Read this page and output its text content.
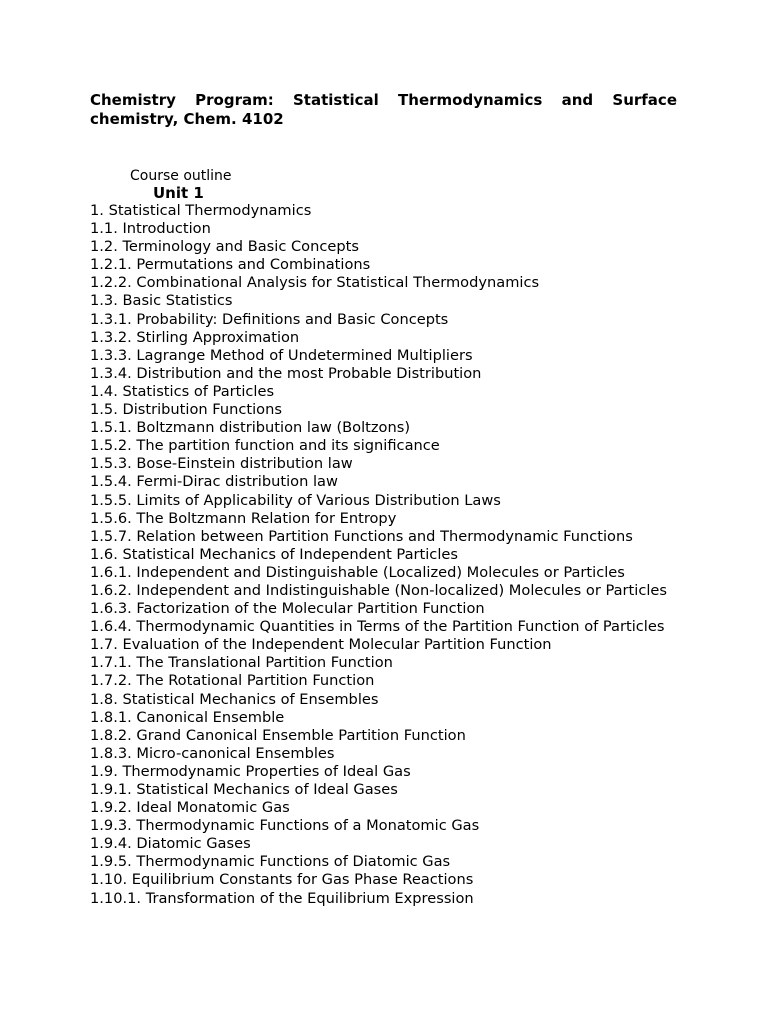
Chemistry Program: Statistical Thermodynamics and Surface
chemistry, Chem. 4102
Course outline
Unit 1
1. Statistical Thermodynamics
1.1. Introduction
1.2. Terminology and Basic Concepts
1.2.1. Permutations and Combinations
1.2.2. Combinational Analysis for Statistical Thermodynamics
1.3. Basic Statistics
1.3.1. Probability: Definitions and Basic Concepts
1.3.2. Stirling Approximation
1.3.3. Lagrange Method of Undetermined Multipliers
1.3.4. Distribution and the most Probable Distribution
1.4. Statistics of Particles
1.5. Distribution Functions
1.5.1. Boltzmann distribution law (Boltzons)
1.5.2. The partition function and its significance
1.5.3. Bose-Einstein distribution law
1.5.4. Fermi-Dirac distribution law
1.5.5. Limits of Applicability of Various Distribution Laws
1.5.6. The Boltzmann Relation for Entropy
1.5.7. Relation between Partition Functions and Thermodynamic Functions
1.6. Statistical Mechanics of Independent Particles
1.6.1. Independent and Distinguishable (Localized) Molecules or Particles
1.6.2. Independent and Indistinguishable (Non-localized) Molecules or Particles
1.6.3. Factorization of the Molecular Partition Function
1.6.4. Thermodynamic Quantities in Terms of the Partition Function of Particles
1.7. Evaluation of the Independent Molecular Partition Function
1.7.1. The Translational Partition Function
1.7.2. The Rotational Partition Function
1.8. Statistical Mechanics of Ensembles
1.8.1. Canonical Ensemble
1.8.2. Grand Canonical Ensemble Partition Function
1.8.3. Micro-canonical Ensembles
1.9. Thermodynamic Properties of Ideal Gas
1.9.1. Statistical Mechanics of Ideal Gases
1.9.2. Ideal Monatomic Gas
1.9.3. Thermodynamic Functions of a Monatomic Gas
1.9.4. Diatomic Gases
1.9.5. Thermodynamic Functions of Diatomic Gas
1.10. Equilibrium Constants for Gas Phase Reactions
1.10.1. Transformation of the Equilibrium Expression
